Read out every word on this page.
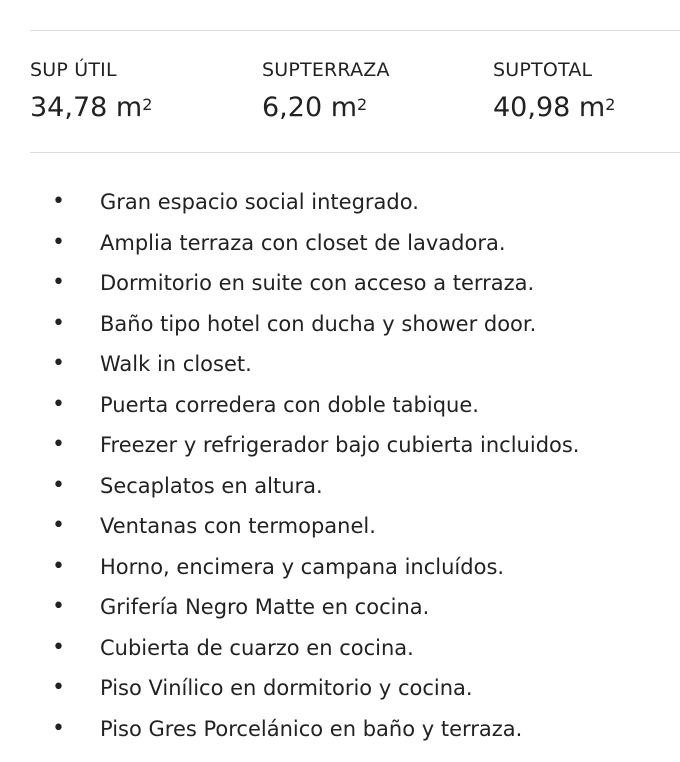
SUP ÚTIL
34,78 $m^2$
SUPTERRAZA
6,20 $m^2$
SUPTOTAL
40,98 $m^2$
• Gran espacio social integrado.
• Amplia terraza con closet de lavadora.
• Dormitorio en suite con acceso a terraza.
• Baño tipo hotel con ducha y shower door.
• Walk in closet.
• Puerta corredera con doble tabique.
• Freezer y refrigerador bajo cubierta incluidos.
• Secaplatos en altura.
• Ventanas con termopanel.
• Horno, encimera y campana incluídos.
• Grifería Negro Matte en cocina.
• Cubierta de cuarzo en cocina.
• Piso Vinílico en dormitorio y cocina.
• Piso Gres Porcelánico en baño y terraza.
